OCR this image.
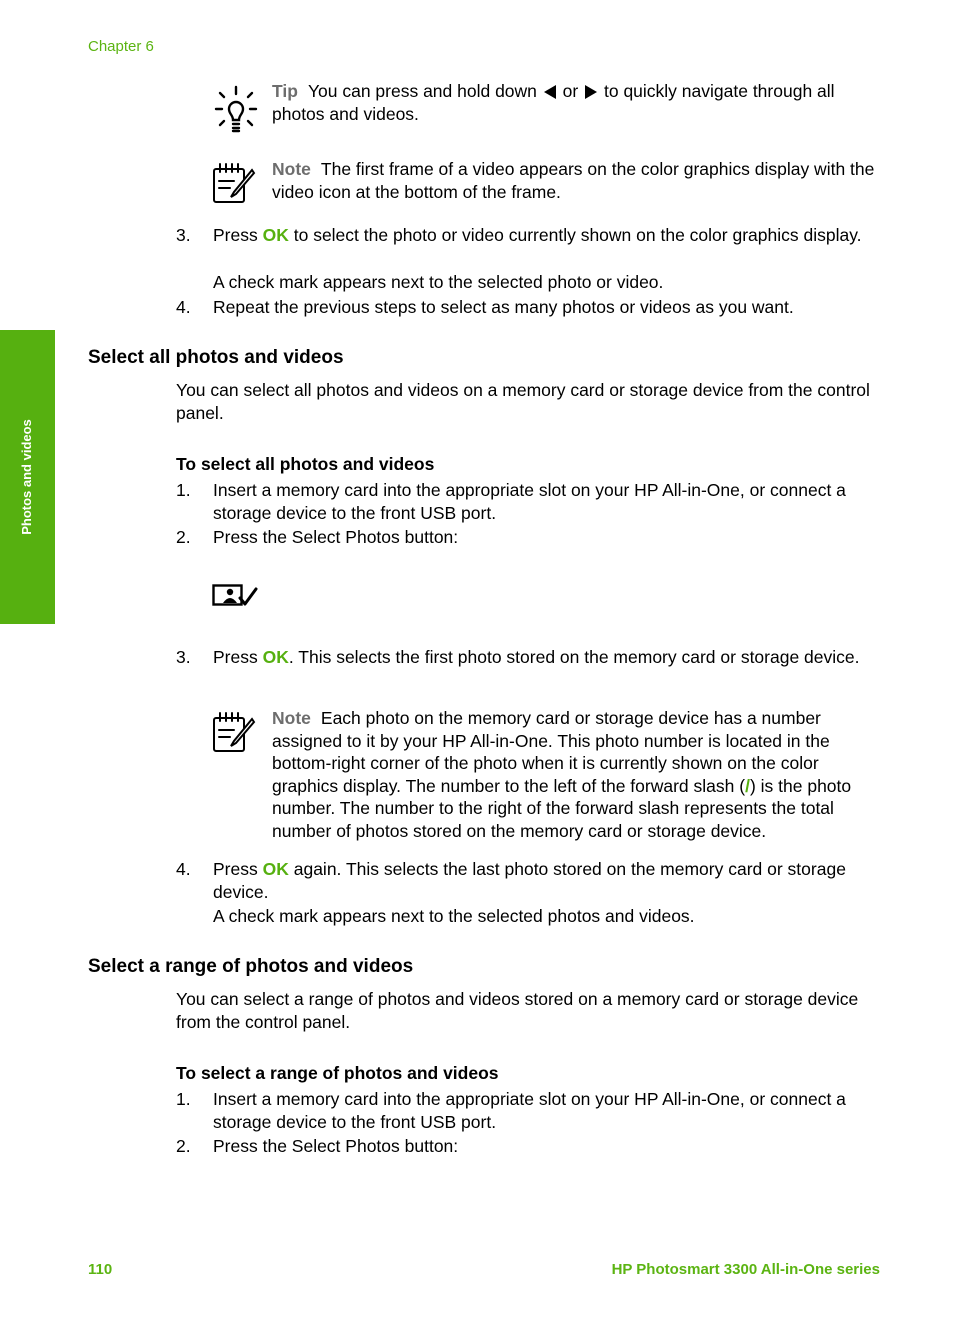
Chapter 6
Photos and videos
Tip You can press and hold down or to quickly navigate through all photos and videos.
Note The first frame of a video appears on the color graphics display with the video icon at the bottom of the frame.
3. Press OK to select the photo or video currently shown on the color graphics display.
A check mark appears next to the selected photo or video.
4. Repeat the previous steps to select as many photos or videos as you want.
Select all photos and videos
You can select all photos and videos on a memory card or storage device from the control panel.
To select all photos and videos
1. Insert a memory card into the appropriate slot on your HP All-in-One, or connect a storage device to the front USB port.
2. Press the Select Photos button:
3. Press OK. This selects the first photo stored on the memory card or storage device.
Note Each photo on the memory card or storage device has a number assigned to it by your HP All-in-One. This photo number is located in the bottom-right corner of the photo when it is currently shown on the color graphics display. The number to the left of the forward slash (/) is the photo number. The number to the right of the forward slash represents the total number of photos stored on the memory card or storage device.
4. Press OK again. This selects the last photo stored on the memory card or storage device.
A check mark appears next to the selected photos and videos.
Select a range of photos and videos
You can select a range of photos and videos stored on a memory card or storage device from the control panel.
To select a range of photos and videos
1. Insert a memory card into the appropriate slot on your HP All-in-One, or connect a storage device to the front USB port.
2. Press the Select Photos button:
110	HP Photosmart 3300 All-in-One series
